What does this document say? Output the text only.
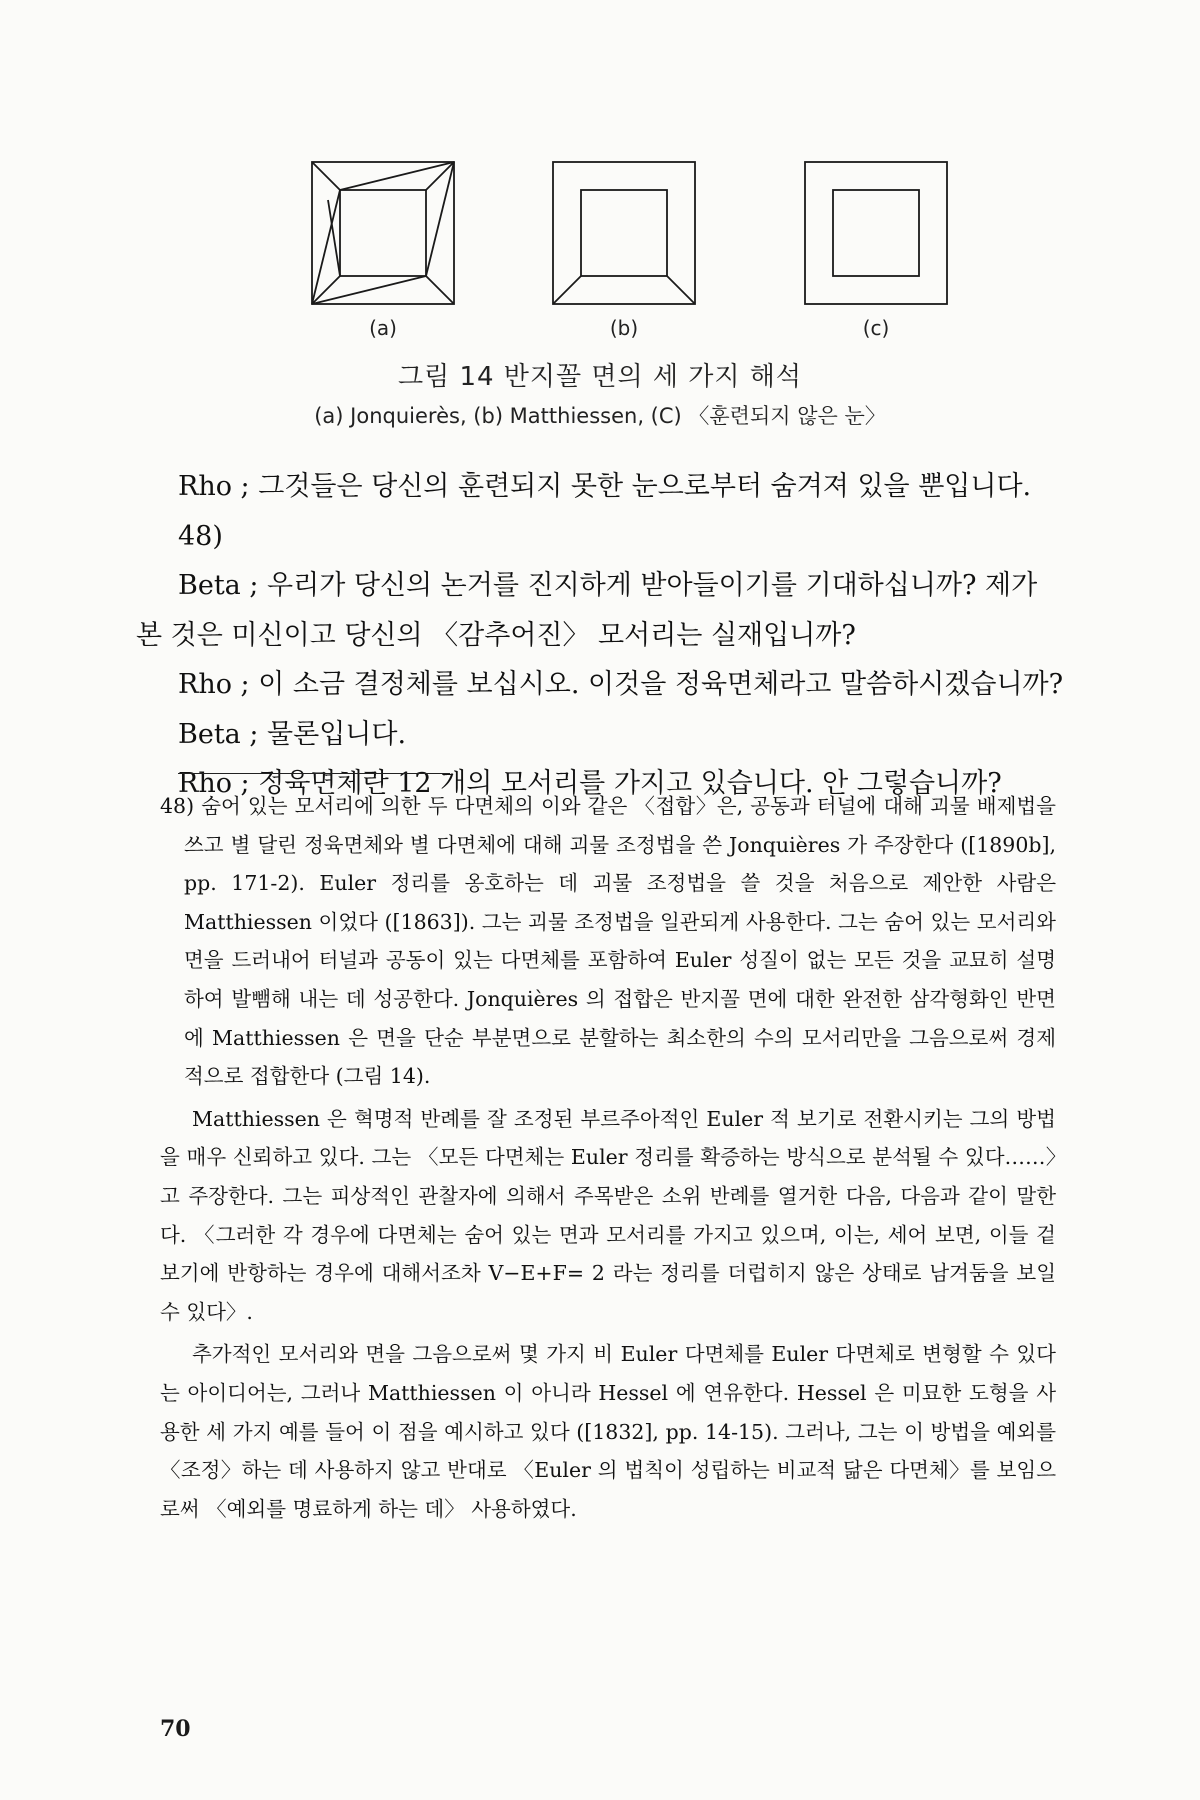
(a)	(b)	(c)
그림 14 반지꼴 면의 세 가지 해석
(a) Jonquierès, (b) Matthiessen, (C) 〈훈련되지 않은 눈〉

Rho ; 그것들은 당신의 훈련되지 못한 눈으로부터 숨겨져 있을 뿐입니다. 48)

Beta ; 우리가 당신의 논거를 진지하게 받아들이기를 기대하십니까? 제가 본 것은 미신이고 당신의 〈감추어진〉 모서리는 실재입니까?

Rho ; 이 소금 결정체를 보십시오. 이것을 정육면체라고 말씀하시겠습니까?

Beta ; 물론입니다.

Rho ; 정육면체란 12 개의 모서리를 가지고 있습니다. 안 그렇습니까?

48) 숨어 있는 모서리에 의한 두 다면체의 이와 같은 〈접합〉은, 공동과 터널에 대해 괴물 배제법을 쓰고 별 달린 정육면체와 별 다면체에 대해 괴물 조정법을 쓴 Jonquières 가 주장한다 ([1890b], pp. 171-2). Euler 정리를 옹호하는 데 괴물 조정법을 쓸 것을 처음으로 제안한 사람은 Matthiessen 이었다 ([1863]). 그는 괴물 조정법을 일관되게 사용한다. 그는 숨어 있는 모서리와 면을 드러내어 터널과 공동이 있는 다면체를 포함하여 Euler 성질이 없는 모든 것을 교묘히 설명하여 발뺌해 내는 데 성공한다. Jonquières 의 접합은 반지꼴 면에 대한 완전한 삼각형화인 반면에 Matthiessen 은 면을 단순 부분면으로 분할하는 최소한의 수의 모서리만을 그음으로써 경제적으로 접합한다 (그림 14).

Matthiessen 은 혁명적 반례를 잘 조정된 부르주아적인 Euler 적 보기로 전환시키는 그의 방법을 매우 신뢰하고 있다. 그는 〈모든 다면체는 Euler 정리를 확증하는 방식으로 분석될 수 있다……〉고 주장한다. 그는 피상적인 관찰자에 의해서 주목받은 소위 반례를 열거한 다음, 다음과 같이 말한다. 〈그러한 각 경우에 다면체는 숨어 있는 면과 모서리를 가지고 있으며, 이는, 세어 보면, 이들 겉보기에 반항하는 경우에 대해서조차 V−E+F= 2 라는 정리를 더럽히지 않은 상태로 남겨둠을 보일 수 있다〉.

추가적인 모서리와 면을 그음으로써 몇 가지 비 Euler 다면체를 Euler 다면체로 변형할 수 있다는 아이디어는, 그러나 Matthiessen 이 아니라 Hessel 에 연유한다. Hessel 은 미묘한 도형을 사용한 세 가지 예를 들어 이 점을 예시하고 있다 ([1832], pp. 14-15). 그러나, 그는 이 방법을 예외를 〈조정〉하는 데 사용하지 않고 반대로 〈Euler 의 법칙이 성립하는 비교적 닮은 다면체〉를 보임으로써 〈예외를 명료하게 하는 데〉 사용하였다.

70
